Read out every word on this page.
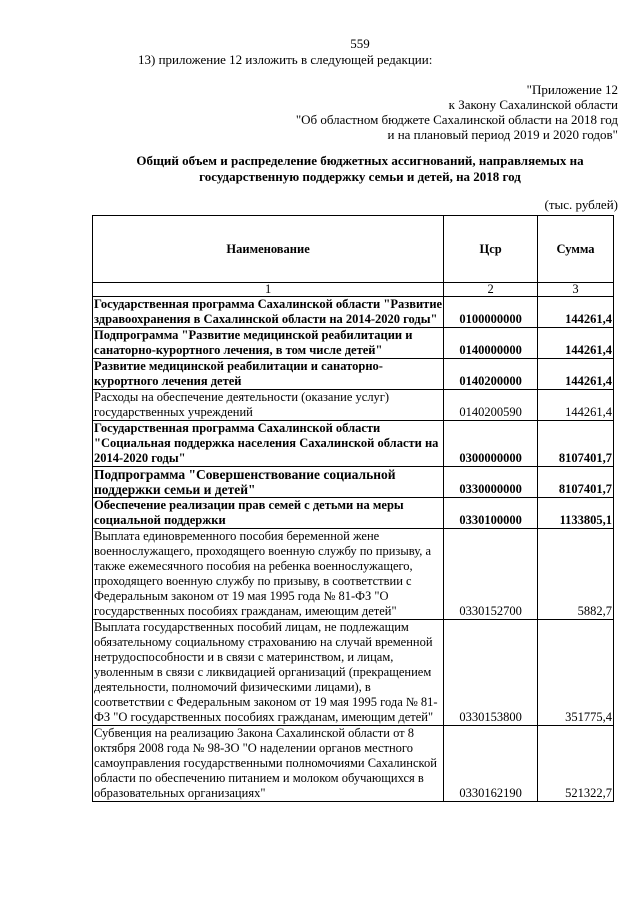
559
13) приложение 12 изложить в следующей редакции:
"Приложение 12
к Закону Сахалинской области
"Об областном бюджете Сахалинской области на 2018 год
и на плановый период 2019 и 2020 годов"
Общий объем и распределение бюджетных ассигнований, направляемых на
государственную поддержку семьи и детей, на 2018 год
(тыс. рублей)
Наименование	Цср	Сумма
1	2	3
Государственная программа Сахалинской области "Развитие здравоохранения в Сахалинской области на 2014-2020 годы"	0100000000	144261,4
Подпрограмма "Развитие медицинской реабилитации и санаторно-курортного лечения, в том числе детей"	0140000000	144261,4
Развитие медицинской реабилитации и санаторно-курортного лечения детей	0140200000	144261,4
Расходы на обеспечение деятельности (оказание услуг) государственных учреждений	0140200590	144261,4
Государственная программа Сахалинской области "Социальная поддержка населения Сахалинской области на 2014-2020 годы"	0300000000	8107401,7
Подпрограмма "Совершенствование социальной поддержки семьи и детей"	0330000000	8107401,7
Обеспечение реализации прав семей с детьми на меры социальной поддержки	0330100000	1133805,1
Выплата единовременного пособия беременной жене военнослужащего, проходящего военную службу по призыву, а также ежемесячного пособия на ребенка военнослужащего, проходящего военную службу по призыву, в соответствии с Федеральным законом от 19 мая 1995 года № 81-ФЗ "О государственных пособиях гражданам, имеющим детей"	0330152700	5882,7
Выплата государственных пособий лицам, не подлежащим обязательному социальному страхованию на случай временной нетрудоспособности и в связи с материнством, и лицам, уволенным в связи с ликвидацией организаций (прекращением деятельности, полномочий физическими лицами), в соответствии с Федеральным законом от 19 мая 1995 года № 81-ФЗ "О государственных пособиях гражданам, имеющим детей"	0330153800	351775,4
Субвенция на реализацию Закона Сахалинской области от 8 октября 2008 года № 98-ЗО "О наделении органов местного самоуправления государственными полномочиями Сахалинской области по обеспечению питанием и молоком обучающихся в образовательных организациях"	0330162190	521322,7
